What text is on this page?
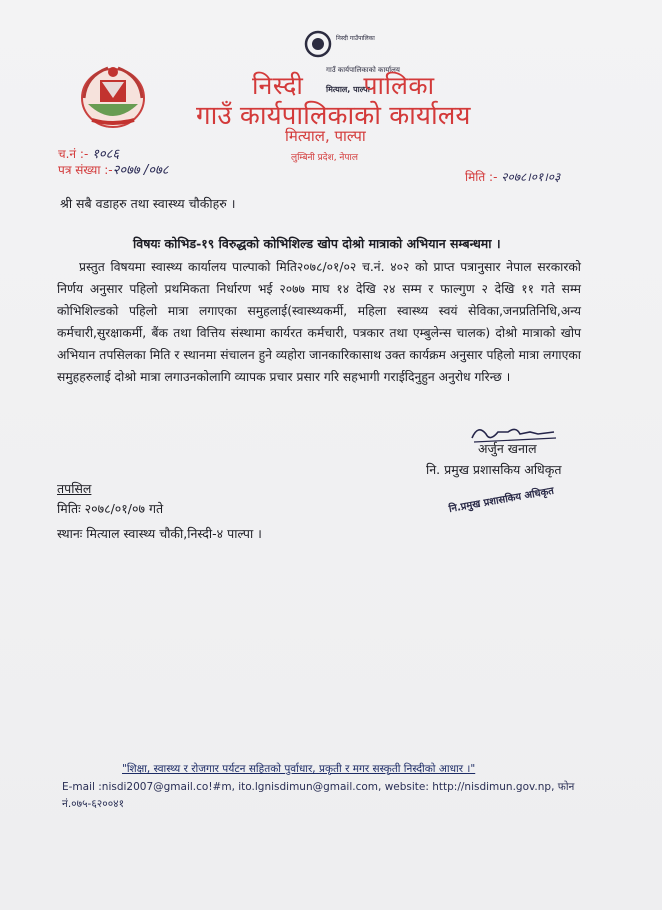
निस्दी गाउँपालिका
गाउँ कार्यपालिकाको कार्यालय
मित्याल, पाल्पा
निस्दी पालिका
गाउँ कार्यपालिकाको कार्यालय
मित्याल, पाल्पा
लुम्बिनी प्रदेश, नेपाल
च.नं :- १०८६
पत्र संख्या :-२०७७ /०७८	मिति :- २०७८।०१।०३

श्री सबै वडाहरु तथा स्वास्थ्य चौकीहरु ।

विषयः कोभिड-१९ विरुद्धको कोभिशिल्ड खोप दोश्रो मात्राको अभियान सम्बन्धमा ।

प्रस्तुत विषयमा स्वास्थ्य कार्यालय पाल्पाको मिति२०७८/०१/०२ च.नं. ४०२ को प्राप्त पत्रानुसार नेपाल सरकारको निर्णय अनुसार पहिलो प्रथमिकता निर्धारण भई २०७७ माघ १४ देखि २४ सम्म र फाल्गुण २ देखि ११ गते सम्म कोभिशिल्डको पहिलो मात्रा लगाएका समुहलाई(स्वास्थ्यकर्मी, महिला स्वास्थ्य स्वयं सेविका,जनप्रतिनिधि,अन्य कर्मचारी,सुरक्षाकर्मी, बैंक तथा वित्तिय संस्थामा कार्यरत कर्मचारी, पत्रकार तथा एम्बुलेन्स चालक) दोश्रो मात्राको खोप अभियान तपसिलका मिति र स्थानमा संचालन हुने व्यहोरा जानकारिकासाथ उक्त कार्यक्रम अनुसार पहिलो मात्रा लगाएका समुहहरुलाई दोश्रो मात्रा लगाउनकोलागि व्यापक प्रचार प्रसार गरि सहभागी गराईदिनुहुन अनुरोध गरिन्छ ।

अर्जुन खनाल
नि. प्रमुख प्रशासकिय अधिकृत
नि.प्रमुख प्रशासकिय अधिकृत
तपसिल
मितिः २०७८/०१/०७ गते
स्थानः मित्याल स्वास्थ्य चौकी,निस्दी-४ पाल्पा ।
"शिक्षा, स्वास्थ्य र रोजगार पर्यटन सहितको पुर्वाधार, प्रकृती र मगर सस्कृती निस्दीको आधार ।"
E-mail :nisdi2007@gmail.co!#m, ito.lgnisdimun@gmail.com, website: http://nisdimun.gov.np, फोन नं.०७५-६२००४१
